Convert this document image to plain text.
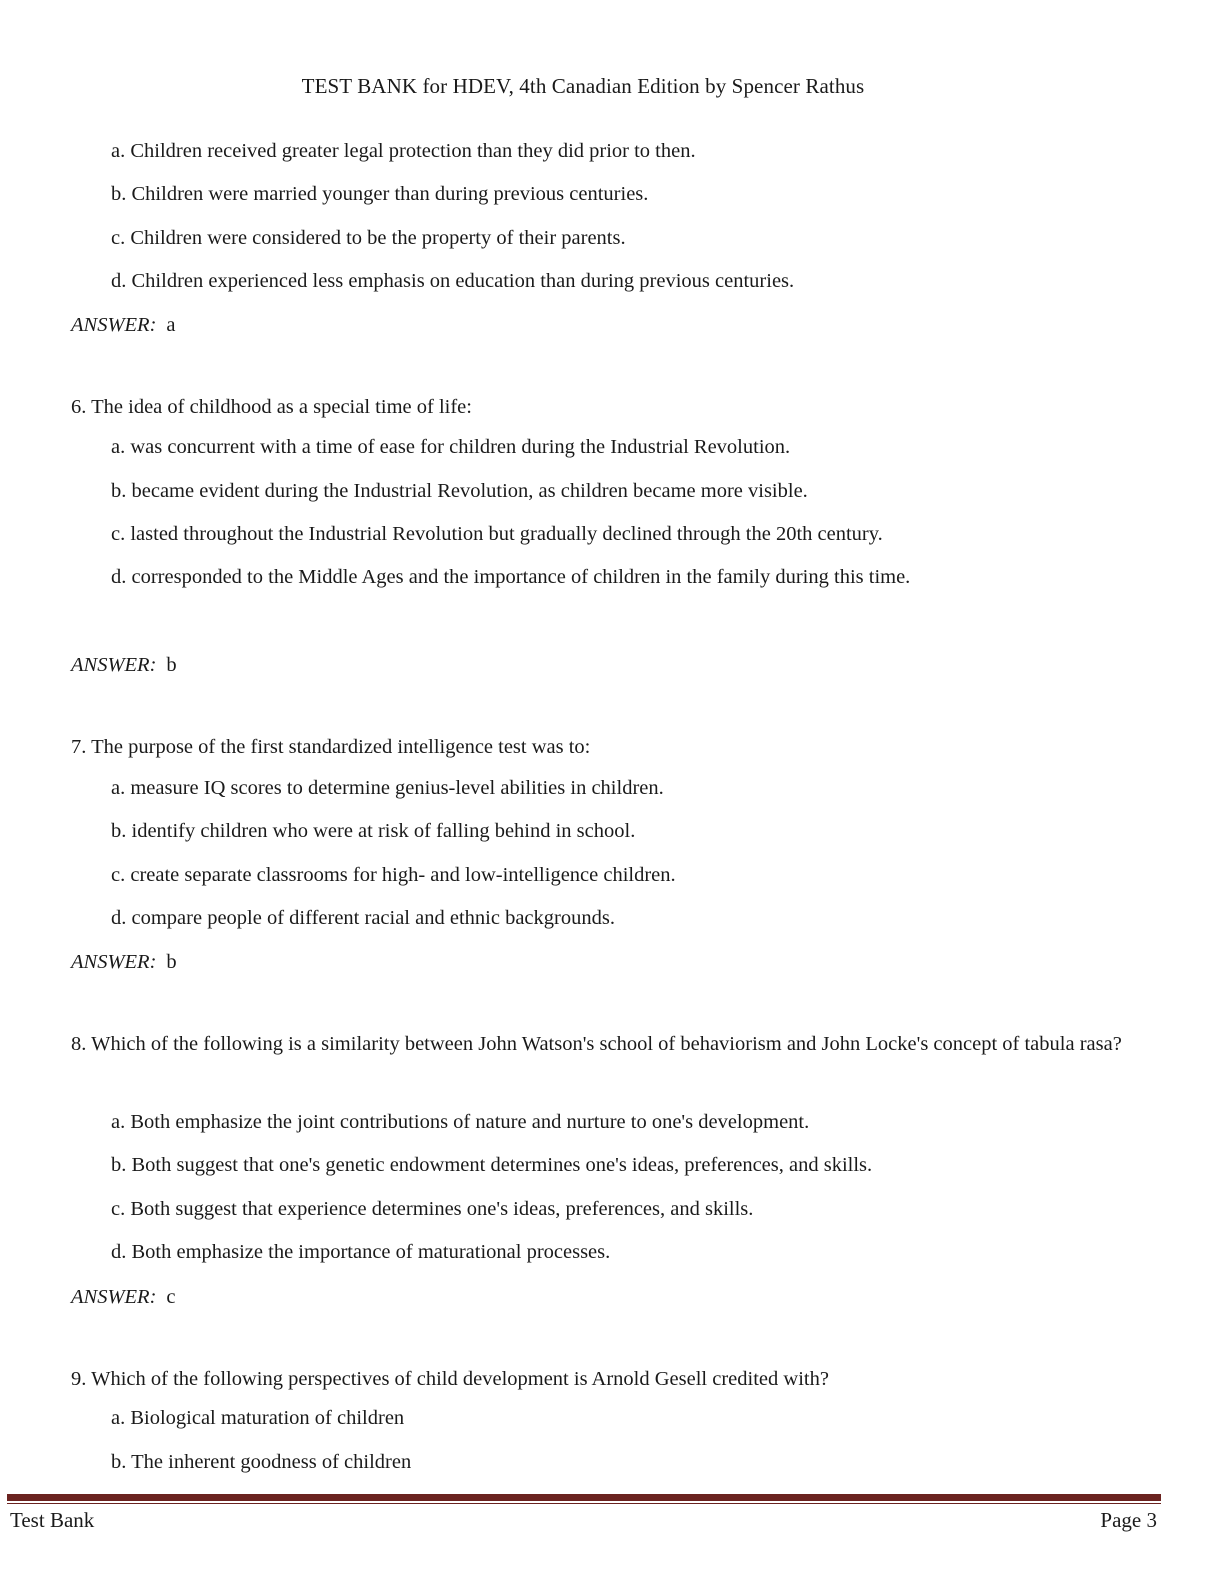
TEST BANK for HDEV, 4th Canadian Edition by Spencer Rathus
a. Children received greater legal protection than they did prior to then.
b. Children were married younger than during previous centuries.
c. Children were considered to be the property of their parents.
d. Children experienced less emphasis on education than during previous centuries.
ANSWER: a
6. The idea of childhood as a special time of life:
a. was concurrent with a time of ease for children during the Industrial Revolution.
b. became evident during the Industrial Revolution, as children became more visible.
c. lasted throughout the Industrial Revolution but gradually declined through the 20th century.
d. corresponded to the Middle Ages and the importance of children in the family during this time.
ANSWER: b
7. The purpose of the first standardized intelligence test was to:
a. measure IQ scores to determine genius-level abilities in children.
b. identify children who were at risk of falling behind in school.
c. create separate classrooms for high- and low-intelligence children.
d. compare people of different racial and ethnic backgrounds.
ANSWER: b
8. Which of the following is a similarity between John Watson's school of behaviorism and John Locke's concept of tabula rasa?
a. Both emphasize the joint contributions of nature and nurture to one's development.
b. Both suggest that one's genetic endowment determines one's ideas, preferences, and skills.
c. Both suggest that experience determines one's ideas, preferences, and skills.
d. Both emphasize the importance of maturational processes.
ANSWER: c
9. Which of the following perspectives of child development is Arnold Gesell credited with?
a. Biological maturation of children
b. The inherent goodness of children
Test Bank	Page 3
